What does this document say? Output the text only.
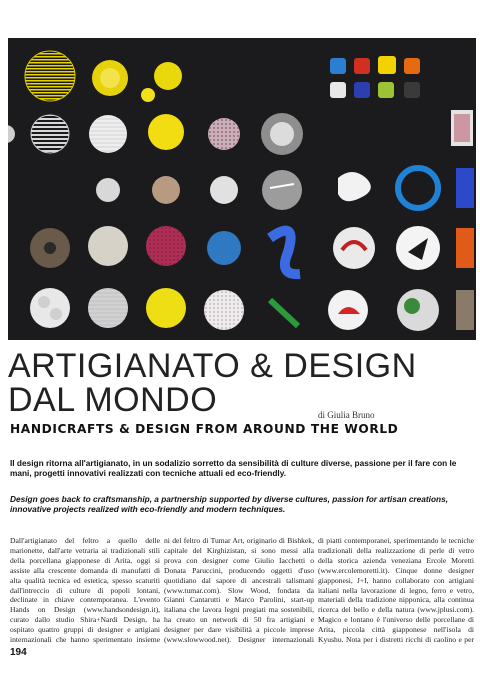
ARTIGIANATO & DESIGN
DAL MONDO	di Giulia Bruno
HANDICRAFTS & DESIGN FROM AROUND THE WORLD

Il design ritorna all'artigianato, in un sodalizio sorretto da sensibilità di culture diverse, passione per il fare con le mani, progetti innovativi realizzati con tecniche attuali ed eco-friendly.

Design goes back to craftsmanship, a partnership supported by diverse cultures, passion for artisan creations, innovative projects realized with eco-friendly and modern techniques.

Dall'artigianato del feltro a quello delle marionette, dall'arte vetraria ai tradizionali stili della porcellana giapponese di Arita, oggi si assiste alla crescente domanda di manufatti di alta qualità tecnica ed estetica, spesso scaturiti dall'intreccio di culture di popoli lontani, declinate in chiave contemporanea. L'evento Hands on Design (www.handsondesign.it), curato dallo studio Shira+Nardi Design, ha ospitato quattro gruppi di designer e artigiani internazionali che hanno sperimentato insieme
ni del feltro di Tumar Art, originario di Bishkek, capitale del Kirghizistan, si sono messi alla prova con designer come Giulio Iacchetti o Donata Paruccini, producendo oggetti d'uso quotidiano dal sapore di ancestrali talismani (www.tumar.com). Slow Wood, fondata da Gianni Cantarutti e Marco Parolini, start-up italiana che lavora legni pregiati ma sostenibili, ha creato un network di 50 fra artigiani e designer per dare visibilità a piccole imprese (www.slowwood.net). Designer internazionali
di piatti contemporanei, sperimentando le tecniche tradizionali della realizzazione di perle di vetro della storica azienda veneziana Ercole Moretti (www.ercolemoretti.it). Cinque donne designer giapponesi, J+I, hanno collaborato con artigiani italiani nella lavorazione di legno, ferro e vetro, materiali della tradizione nipponica, alla continua ricerca del bello e della natura (www.jplusi.com). Magico e lontano è l'universo delle porcellane di Arita, piccola città giapponese nell'isola di Kyushu. Nota per i distretti ricchi di caolino e per
194
